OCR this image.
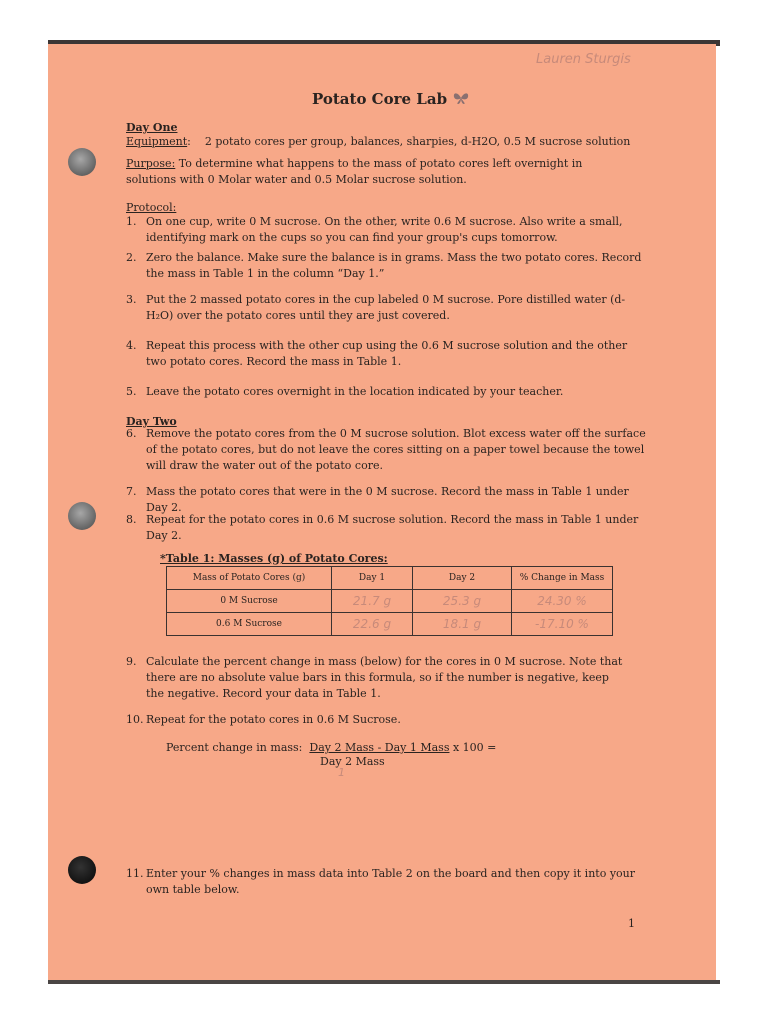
Lauren Sturgis
Potato Core Lab
Day One
Equipment:    2 potato cores per group, balances, sharpies, d-H2O, 0.5 M sucrose solution
Purpose: To determine what happens to the mass of potato cores left overnight in solutions with 0 Molar water and 0.5 Molar sucrose solution.
Protocol:
1. On one cup, write 0 M sucrose. On the other, write 0.6 M sucrose. Also write a small, identifying mark on the cups so you can find your group's cups tomorrow.
2. Zero the balance. Make sure the balance is in grams. Mass the two potato cores. Record the mass in Table 1 in the column “Day 1.”
3. Put the 2 massed potato cores in the cup labeled 0 M sucrose. Pore distilled water (d-H₂O) over the potato cores until they are just covered.
4. Repeat this process with the other cup using the 0.6 M sucrose solution and the other two potato cores. Record the mass in Table 1.
5. Leave the potato cores overnight in the location indicated by your teacher.
Day Two
6. Remove the potato cores from the 0 M sucrose solution. Blot excess water off the surface of the potato cores, but do not leave the cores sitting on a paper towel because the towel will draw the water out of the potato core.
7. Mass the potato cores that were in the 0 M sucrose. Record the mass in Table 1 under Day 2.
8. Repeat for the potato cores in 0.6 M sucrose solution. Record the mass in Table 1 under Day 2.
*Table 1: Masses (g) of Potato Cores:
Mass of Potato Cores (g)	Day 1	Day 2	% Change in Mass
0 M Sucrose	21.7 g	25.3 g	24.30 %
0.6 M Sucrose	22.6 g	18.1 g	-17.10 %
9. Calculate the percent change in mass (below) for the cores in 0 M sucrose. Note that there are no absolute value bars in this formula, so if the number is negative, keep the negative. Record your data in Table 1.
10. Repeat for the potato cores in 0.6 M Sucrose.
Percent change in mass: Day 2 Mass - Day 1 Mass x 100 =
Day 2 Mass
1
11. Enter your % changes in mass data into Table 2 on the board and then copy it into your own table below.
1
